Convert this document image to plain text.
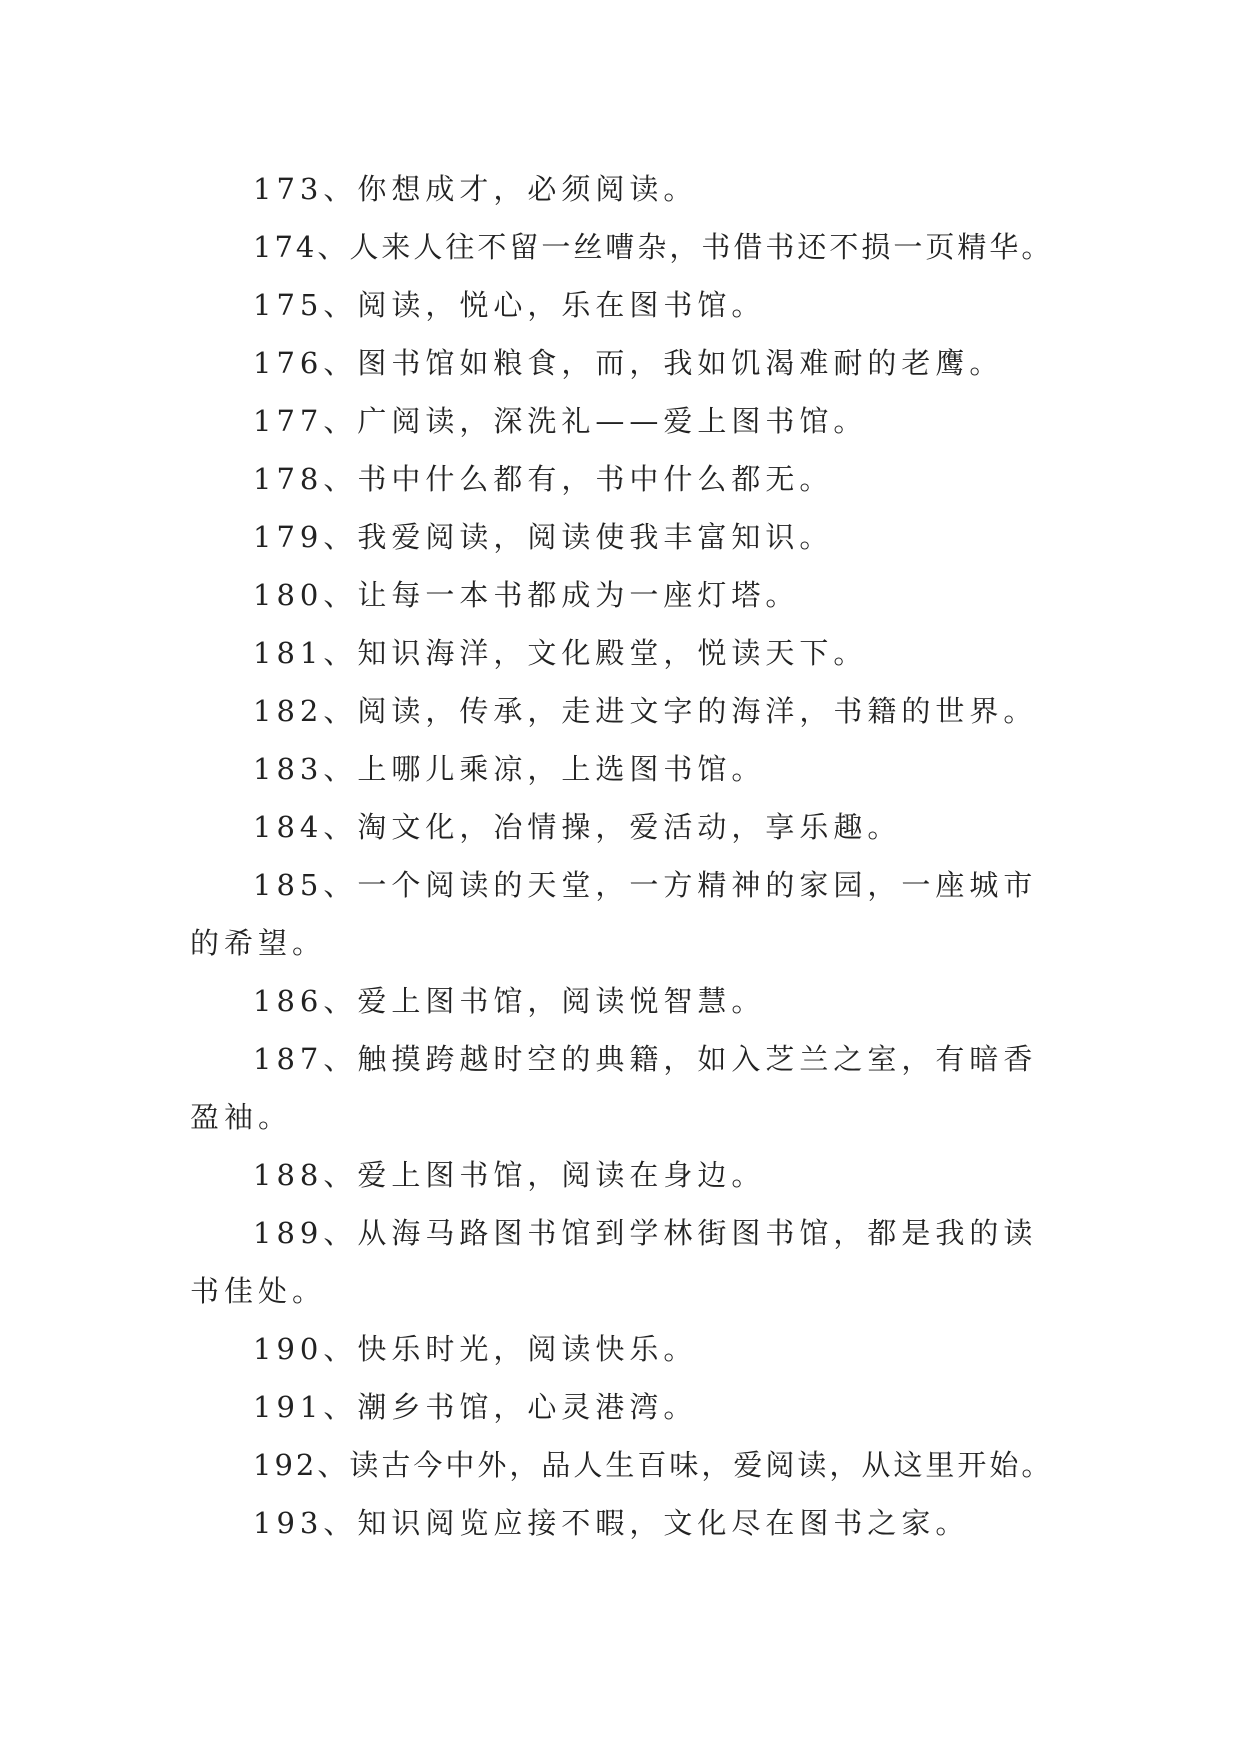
173、你想成才，必须阅读。

174、人来人往不留一丝嘈杂，书借书还不损一页精华。

175、阅读，悦心，乐在图书馆。

176、图书馆如粮食，而，我如饥渴难耐的老鹰。

177、广阅读，深洗礼——爱上图书馆。

178、书中什么都有，书中什么都无。

179、我爱阅读，阅读使我丰富知识。

180、让每一本书都成为一座灯塔。

181、知识海洋，文化殿堂，悦读天下。

182、阅读，传承，走进文字的海洋，书籍的世界。

183、上哪儿乘凉，上选图书馆。

184、淘文化，冶情操，爱活动，享乐趣。

185、一个阅读的天堂，一方精神的家园，一座城市的希望。

186、爱上图书馆，阅读悦智慧。

187、触摸跨越时空的典籍，如入芝兰之室，有暗香盈袖。

188、爱上图书馆，阅读在身边。

189、从海马路图书馆到学林街图书馆，都是我的读书佳处。

190、快乐时光，阅读快乐。

191、潮乡书馆，心灵港湾。

192、读古今中外，品人生百味，爱阅读，从这里开始。

193、知识阅览应接不暇，文化尽在图书之家。
